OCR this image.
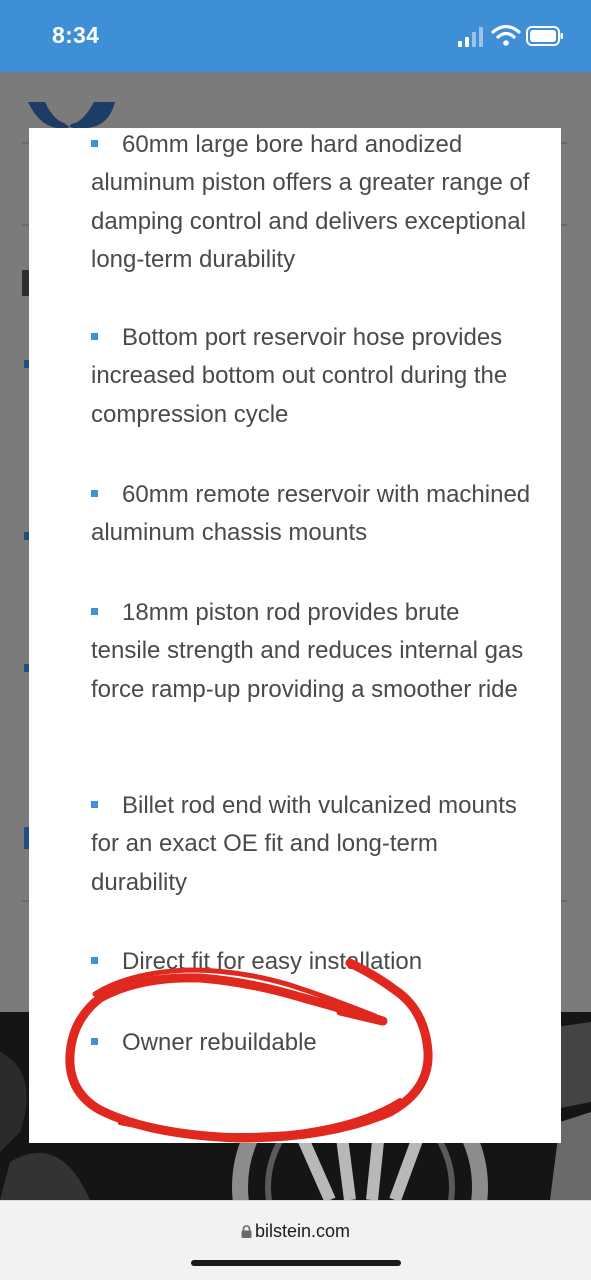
8:34
60mm large bore hard anodized aluminum piston offers a greater range of damping control and delivers exceptional long-term durability
Bottom port reservoir hose provides increased bottom out control during the compression cycle
60mm remote reservoir with machined aluminum chassis mounts
18mm piston rod provides brute tensile strength and reduces internal gas force ramp-up providing a smoother ride
Billet rod end with vulcanized mounts for an exact OE fit and long-term durability
Direct fit for easy installation
Owner rebuildable
bilstein.com
